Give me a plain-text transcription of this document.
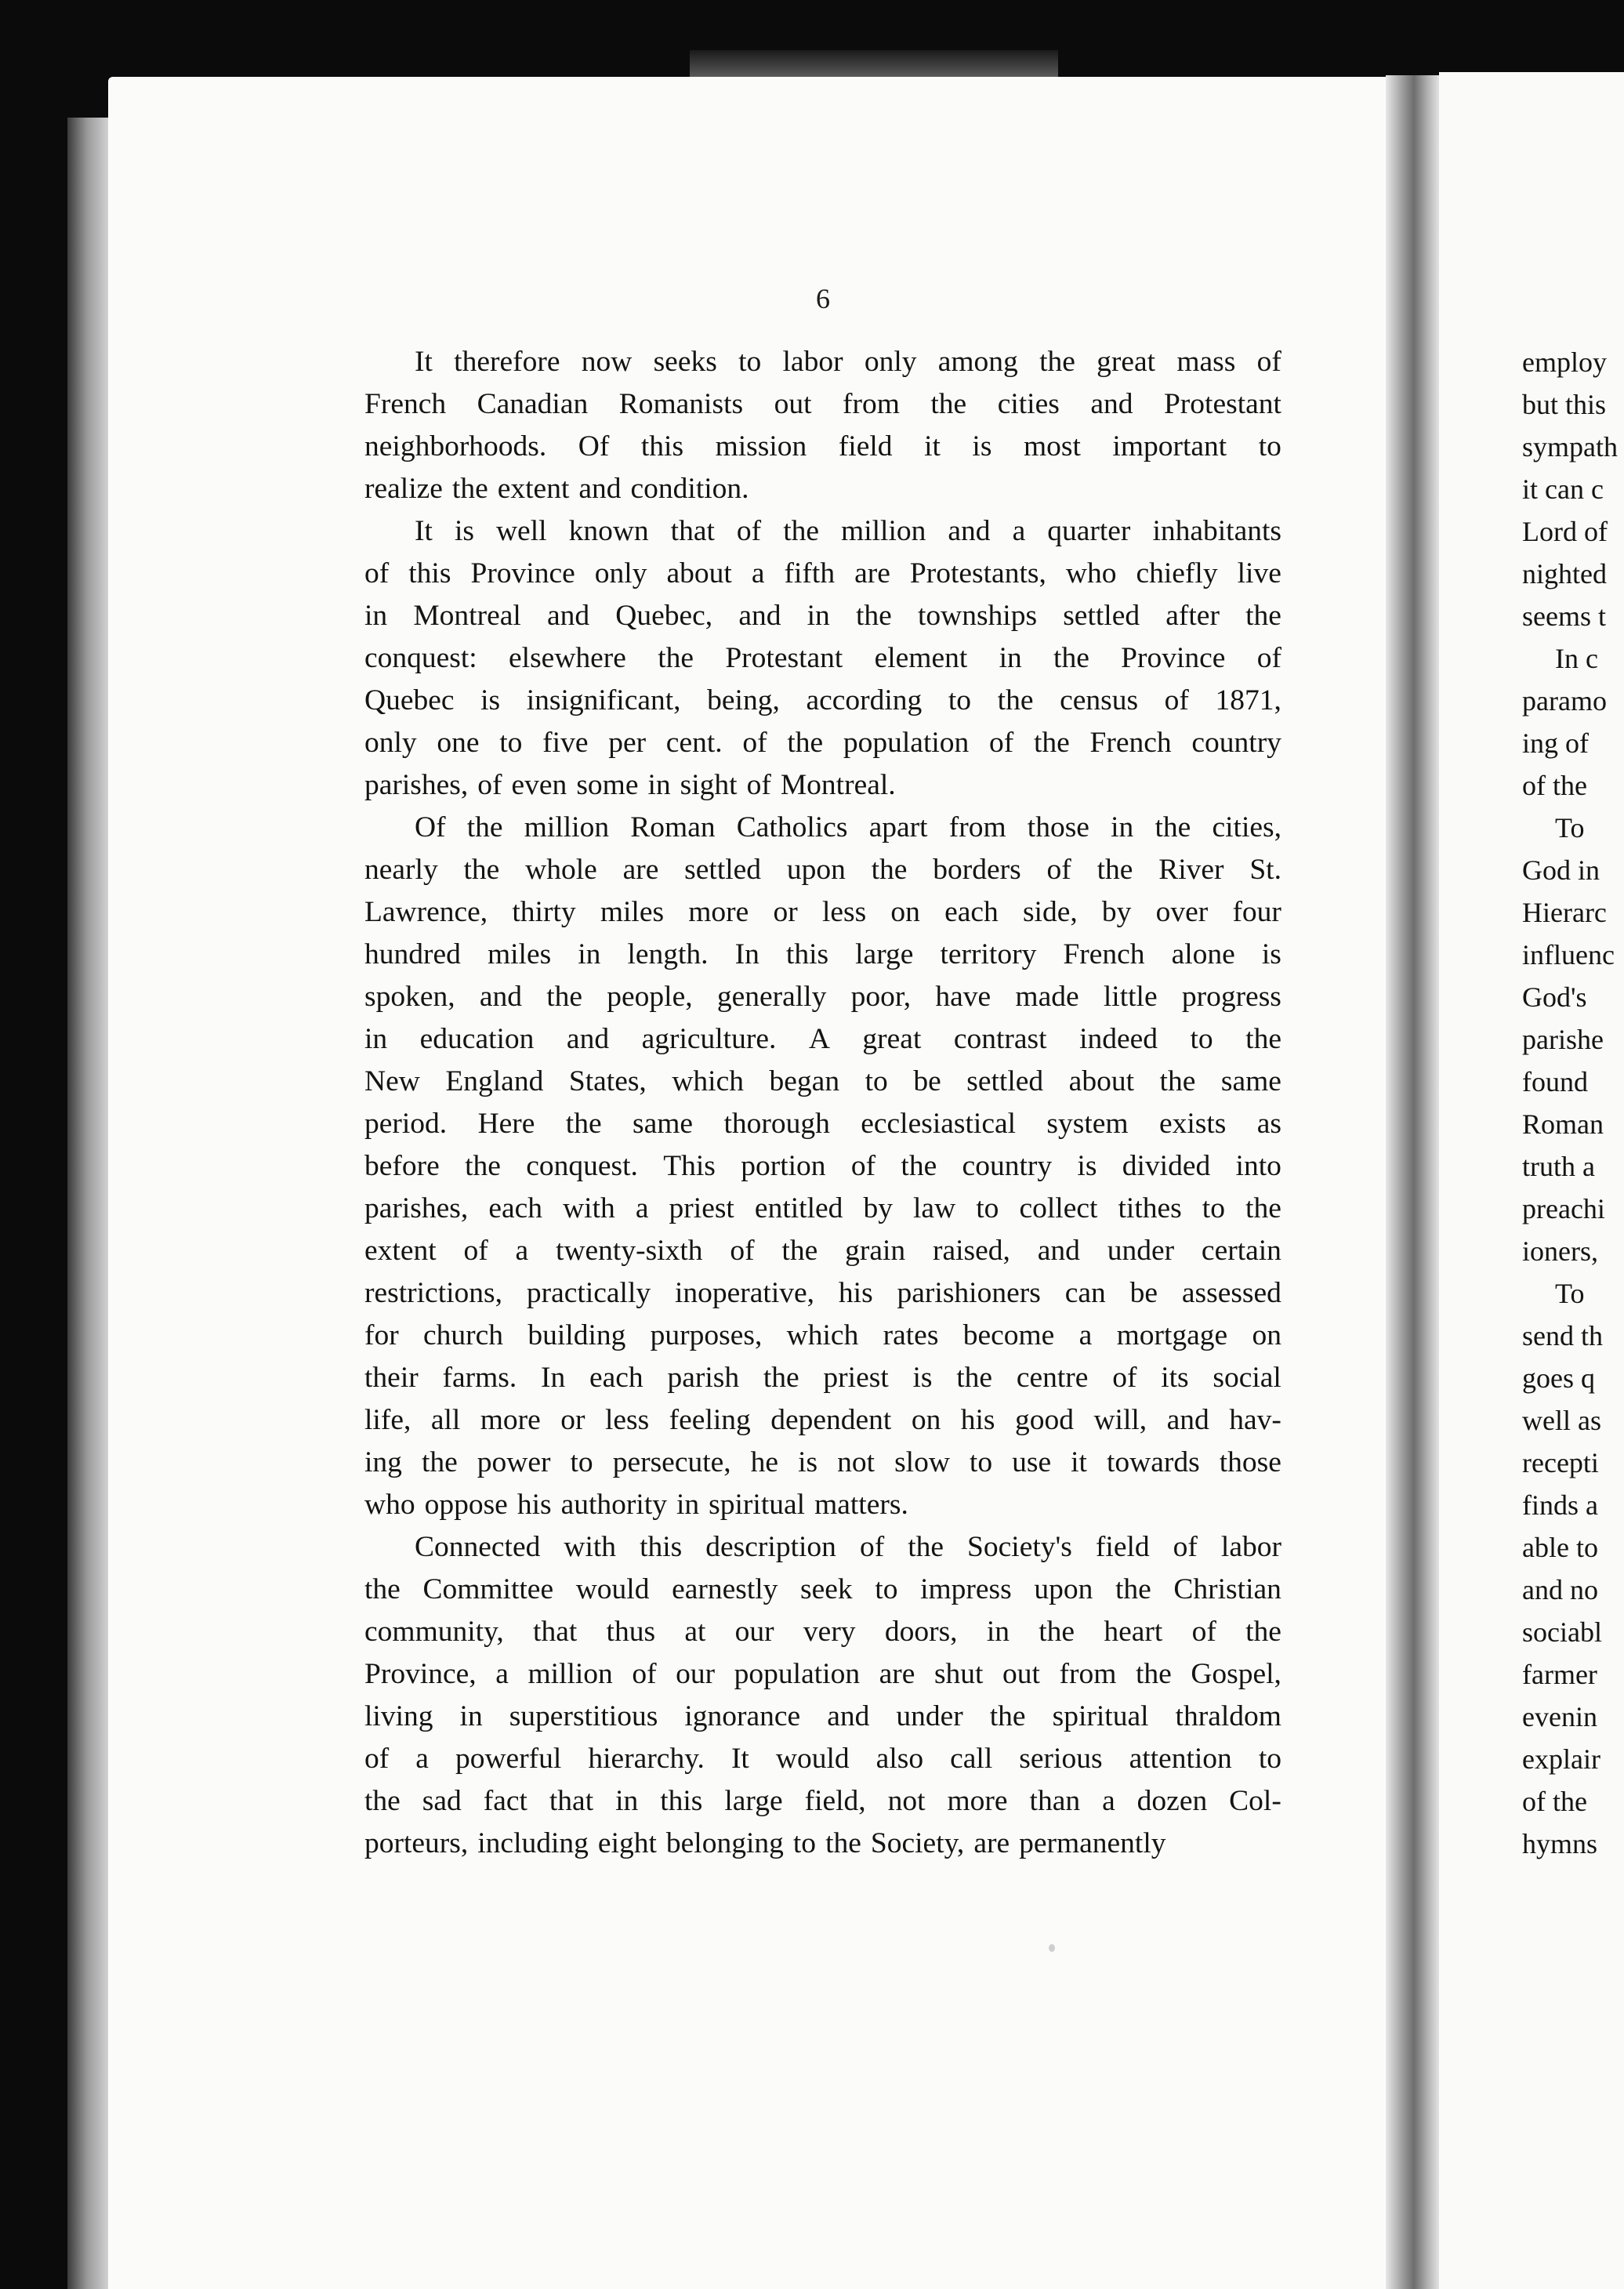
6
It therefore now seeks to labor only among the great mass of
French Canadian Romanists out from the cities and Protestant
neighborhoods. Of this mission field it is most important to
realize the extent and condition.
It is well known that of the million and a quarter inhabitants
of this Province only about a fifth are Protestants, who chiefly live
in Montreal and Quebec, and in the townships settled after the
conquest: elsewhere the Protestant element in the Province of
Quebec is insignificant, being, according to the census of 1871,
only one to five per cent. of the population of the French country
parishes, of even some in sight of Montreal.
Of the million Roman Catholics apart from those in the cities,
nearly the whole are settled upon the borders of the River St.
Lawrence, thirty miles more or less on each side, by over four
hundred miles in length. In this large territory French alone is
spoken, and the people, generally poor, have made little progress
in education and agriculture. A great contrast indeed to the
New England States, which began to be settled about the same
period. Here the same thorough ecclesiastical system exists as
before the conquest. This portion of the country is divided into
parishes, each with a priest entitled by law to collect tithes to the
extent of a twenty-sixth of the grain raised, and under certain
restrictions, practically inoperative, his parishioners can be assessed
for church building purposes, which rates become a mortgage on
their farms. In each parish the priest is the centre of its social
life, all more or less feeling dependent on his good will, and hav-
ing the power to persecute, he is not slow to use it towards those
who oppose his authority in spiritual matters.
Connected with this description of the Society's field of labor
the Committee would earnestly seek to impress upon the Christian
community, that thus at our very doors, in the heart of the
Province, a million of our population are shut out from the Gospel,
living in superstitious ignorance and under the spiritual thraldom
of a powerful hierarchy. It would also call serious attention to
the sad fact that in this large field, not more than a dozen Col-
porteurs, including eight belonging to the Society, are permanently
employ
but this
sympath
it can c
Lord of
nighted
seems t
In c
paramo
ing of
of the
To
God in
Hierarc
influenc
God's
parishe
found
Roman
truth a
preachi
ioners,
To
send th
goes q
well as
recepti
finds a
able to
and no
sociabl
farmer
evenin
explair
of the
hymns
